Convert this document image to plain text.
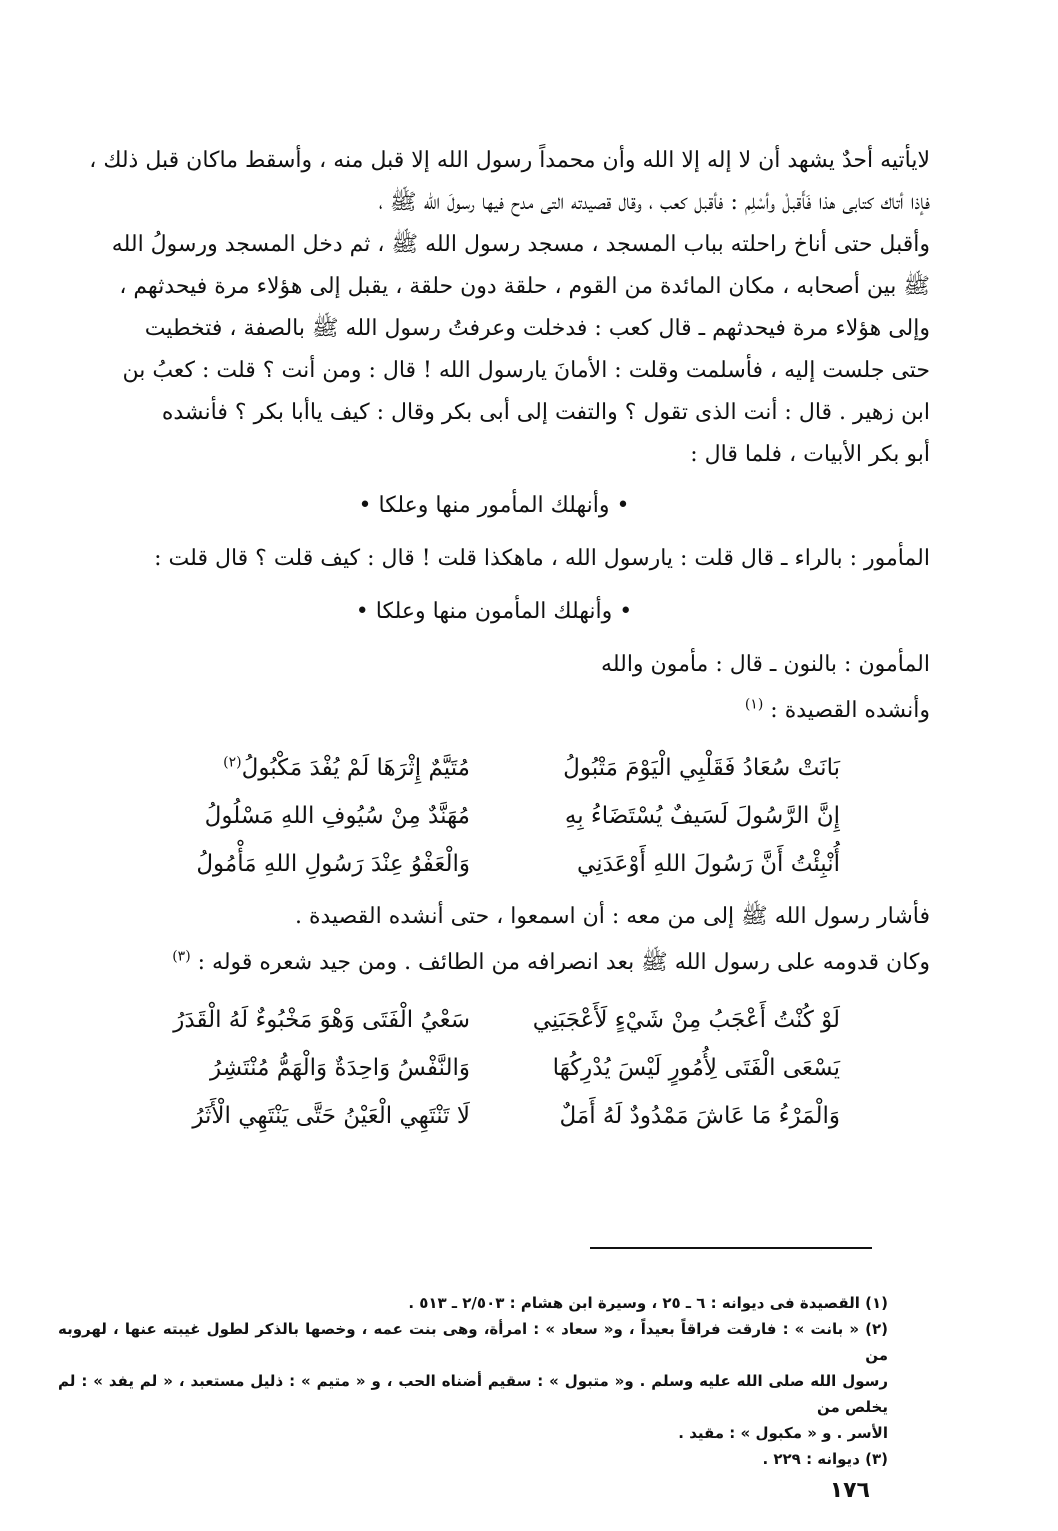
لايأتيه أحدٌ يشهد أن لا إله إلا الله وأن محمداً رسول الله إلا قبل منه ، وأسقط ماكان قبل ذلك ،
فإذا أتاك كتابى هذا فَأَقبلْ وأسْلِم : فأقبل كعب ، وقال قصيدته التى مدح فيها رسولَ الله ﷺ ،
وأقبل حتى أناخ راحلته بباب المسجد ، مسجد رسول الله ﷺ ، ثم دخل المسجد ورسولُ الله
ﷺ بين أصحابه ، مكان المائدة من القوم ، حلقة دون حلقة ، يقبل إلى هؤلاء مرة فيحدثهم ،
وإلى هؤلاء مرة فيحدثهم ـ قال كعب : فدخلت وعرفتُ رسول الله ﷺ بالصفة ، فتخطيت
حتى جلست إليه ، فأسلمت وقلت : الأمانَ يارسول الله ! قال : ومن أنت ؟ قلت : كعبُ بن
ابن زهير . قال : أنت الذى تقول ؟ والتفت إلى أبى بكر وقال : كيف ياأبا بكر ؟ فأنشده
أبو بكر الأبيات ، فلما قال :
• وأنهلك المأمور منها وعلكا •

المأمور : بالراء ـ قال قلت : يارسول الله ، ماهكذا قلت ! قال : كيف قلت ؟ قال قلت :

• وأنهلك المأمون منها وعلكا •

المأمون : بالنون ـ قال : مأمون والله

وأنشده القصيدة : $^{(١)}$

بَانَتْ سُعَادُ فَقَلْبِي الْيَوْمَ مَتْبُولُ
مُتَيَّمٌ إِثْرَهَا لَمْ يُفْدَ مَكْبُولُ$^{(٢)}$
إِنَّ الرَّسُولَ لَسَيفٌ يُسْتَضَاءُ بِهِ
مُهَنَّدٌ مِنْ سُيُوفِ اللهِ مَسْلُولُ
أُنْبِئْتُ أَنَّ رَسُولَ اللهِ أَوْعَدَنِي
وَالْعَفْوُ عِنْدَ رَسُولِ اللهِ مَأْمُولُ

فأشار رسول الله ﷺ إلى من معه : أن اسمعوا ، حتى أنشده القصيدة .

وكان قدومه على رسول الله ﷺ بعد انصرافه من الطائف . ومن جيد شعره قوله : $^{(٣)}$

لَوْ كُنْتُ أَعْجَبُ مِنْ شَيْءٍ لَأَعْجَبَنِي
سَعْيُ الْفَتَى وَهْوَ مَخْبُوءٌ لَهُ الْقَدَرُ
يَسْعَى الْفَتَى لِأُمُورٍ لَيْسَ يُدْرِكُهَا
وَالنَّفْسُ وَاحِدَةٌ وَالْهَمُّ مُنْتَشِرُ
وَالْمَرْءُ مَا عَاشَ مَمْدُودٌ لَهُ أَمَلٌ
لَا تَنْتَهِي الْعَيْنُ حَتَّى يَنْتَهِي الْأَثَرُ

(١) القصيدة فى ديوانه : ٦ ـ ٢٥ ، وسيرة ابن هشام : ٢/٥٠٣ ـ ٥١٣ .

(٢) « بانت » : فارقت فراقاً بعيداً ، و« سعاد » : امرأة، وهى بنت عمه ، وخصها بالذكر لطول غيبته عنها ، لهروبه من

رسول الله صلى الله عليه وسلم . و« متبول » : سقيم أضناه الحب ، و « متيم » : ذليل مستعبد ، « لم يفد » : لم يخلص من

الأسر . و « مكبول » : مقيد .

(٣) ديوانه : ٢٢٩ .

١٧٦
